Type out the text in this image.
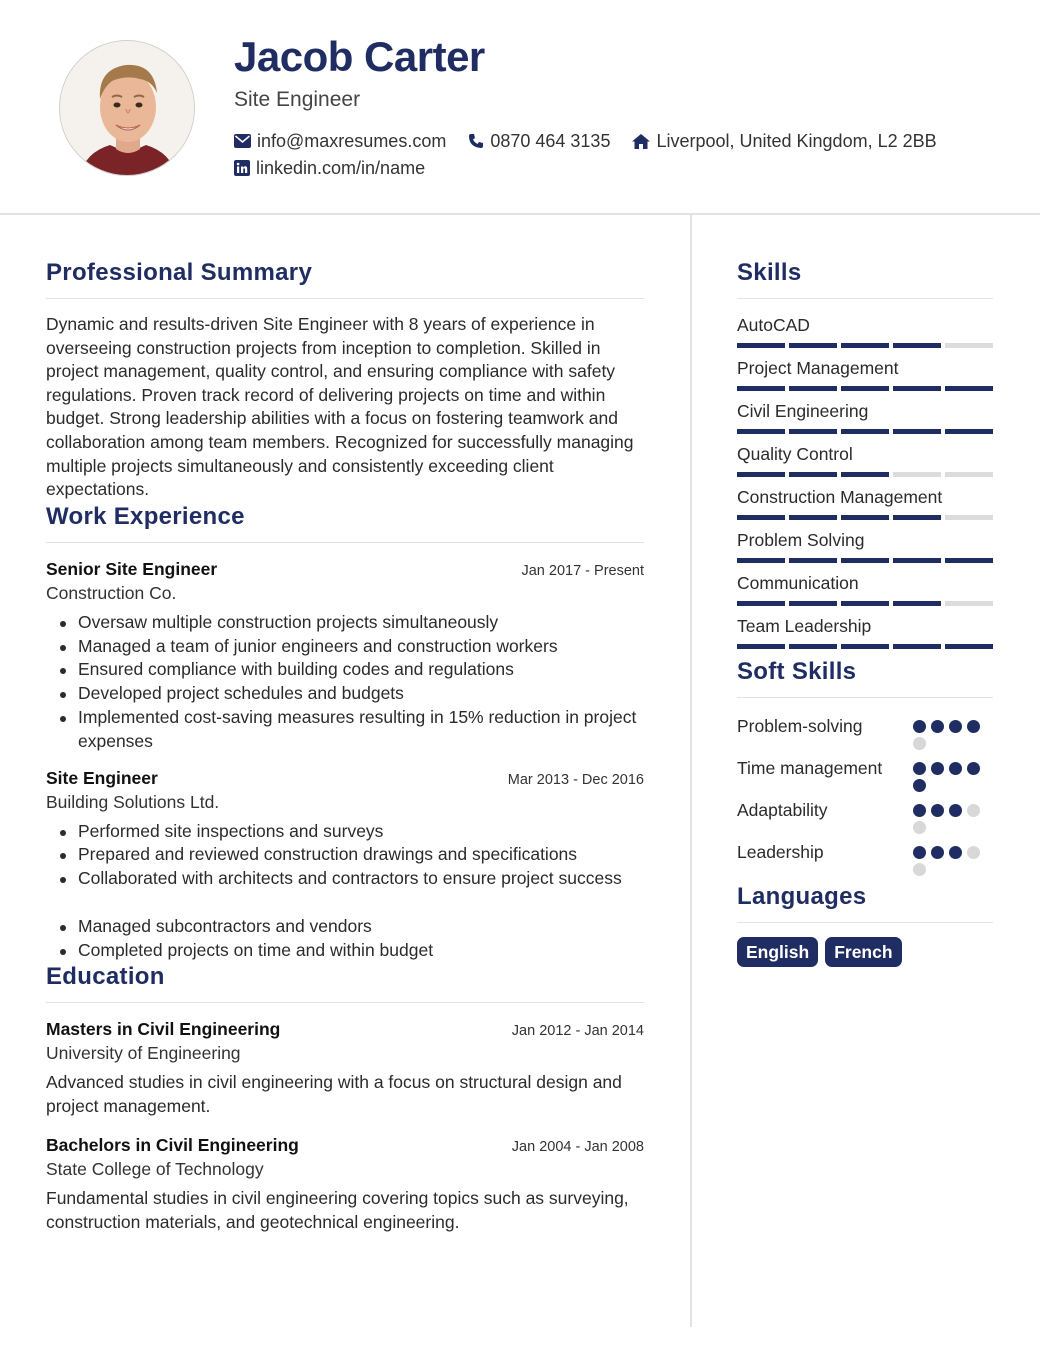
Jacob Carter
Site Engineer
info@maxresumes.com 0870 464 3135	Liverpool, United Kingdom, L2 2BB
linkedin.com/in/name
Professional Summary
Dynamic and results-driven Site Engineer with 8 years of experience in overseeing construction projects from inception to completion. Skilled in project management, quality control, and ensuring compliance with safety regulations. Proven track record of delivering projects on time and within budget. Strong leadership abilities with a focus on fostering teamwork and collaboration among team members. Recognized for successfully managing multiple projects simultaneously and consistently exceeding client expectations.
Work Experience
Senior Site Engineer	Jan 2017 - Present
Construction Co.
Oversaw multiple construction projects simultaneously
Managed a team of junior engineers and construction workers
Ensured compliance with building codes and regulations
Developed project schedules and budgets
Implemented cost-saving measures resulting in 15% reduction in project expenses
Site Engineer	Mar 2013 - Dec 2016
Building Solutions Ltd.
Performed site inspections and surveys
Prepared and reviewed construction drawings and specifications
Collaborated with architects and contractors to ensure project success
Managed subcontractors and vendors
Completed projects on time and within budget
Education
Masters in Civil Engineering	Jan 2012 - Jan 2014
University of Engineering
Advanced studies in civil engineering with a focus on structural design and project management.
Bachelors in Civil Engineering	Jan 2004 - Jan 2008
State College of Technology
Fundamental studies in civil engineering covering topics such as surveying, construction materials, and geotechnical engineering.
Skills
AutoCAD
Project Management
Civil Engineering
Quality Control
Construction Management
Problem Solving
Communication
Team Leadership
Soft Skills
Problem-solving
Time management
Adaptability
Leadership
Languages
English	French
